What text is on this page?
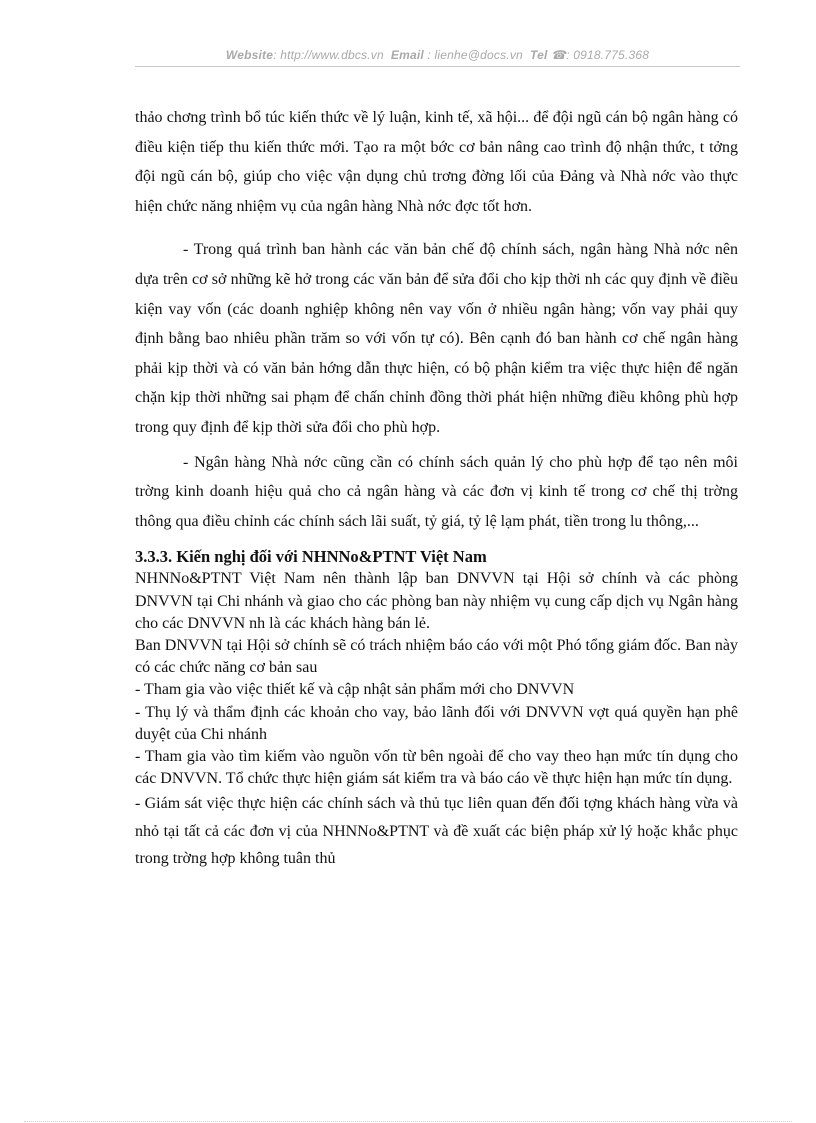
Website: http://www.dbcs.vn Email : lienhe@docs.vn Tel ☎: 0918.775.368

thảo chơng trình bổ túc kiến thức về lý luận, kinh tế, xã hội... để đội ngũ cán bộ ngân hàng có điều kiện tiếp thu kiến thức mới. Tạo ra một bớc cơ bản nâng cao trình độ nhận thức, t tởng đội ngũ cán bộ, giúp cho việc vận dụng chủ trơng đờng lối của Đảng và Nhà nớc vào thực hiện chức năng nhiệm vụ của ngân hàng Nhà nớc đợc tốt hơn.

- Trong quá trình ban hành các văn bản chế độ chính sách, ngân hàng Nhà nớc nên dựa trên cơ sở những kẽ hở trong các văn bản để sửa đổi cho kịp thời nh các quy định về điều kiện vay vốn (các doanh nghiệp không nên vay vốn ở nhiều ngân hàng; vốn vay phải quy định bằng bao nhiêu phần trăm so với vốn tự có). Bên cạnh đó ban hành cơ chế ngân hàng phải kịp thời và có văn bản hớng dẫn thực hiện, có bộ phận kiểm tra việc thực hiện để ngăn chặn kịp thời những sai phạm để chấn chỉnh đồng thời phát hiện những điều không phù hợp trong quy định để kịp thời sửa đổi cho phù hợp.

- Ngân hàng Nhà nớc cũng cần có chính sách quản lý cho phù hợp để tạo nên môi trờng kinh doanh hiệu quả cho cả ngân hàng và các đơn vị kinh tế trong cơ chế thị trờng thông qua điều chỉnh các chính sách lãi suất, tỷ giá, tỷ lệ lạm phát, tiền trong lu thông,...

3.3.3. Kiến nghị đối với NHNNo&PTNT Việt Nam

NHNNo&PTNT Việt Nam nên thành lập ban DNVVN tại Hội sở chính và các phòng DNVVN tại Chi nhánh và giao cho các phòng ban này nhiệm vụ cung cấp dịch vụ Ngân hàng cho các DNVVN nh là các khách hàng bán lẻ.

Ban DNVVN tại Hội sở chính sẽ có trách nhiệm báo cáo với một Phó tổng giám đốc. Ban này có các chức năng cơ bản sau

- Tham gia vào việc thiết kế và cập nhật sản phẩm mới cho DNVVN

- Thụ lý và thẩm định các khoản cho vay, bảo lãnh đối với DNVVN vợt quá quyền hạn phê duyệt của Chi nhánh

- Tham gia vào tìm kiếm vào nguồn vốn từ bên ngoài để cho vay theo hạn mức tín dụng cho các DNVVN. Tổ chức thực hiện giám sát kiểm tra và báo cáo về thực hiện hạn mức tín dụng.

- Giám sát việc thực hiện các chính sách và thủ tục liên quan đến đối tợng khách hàng vừa và nhỏ tại tất cả các đơn vị của NHNNo&PTNT và đề xuất các biện pháp xử lý hoặc khắc phục trong trờng hợp không tuân thủ
